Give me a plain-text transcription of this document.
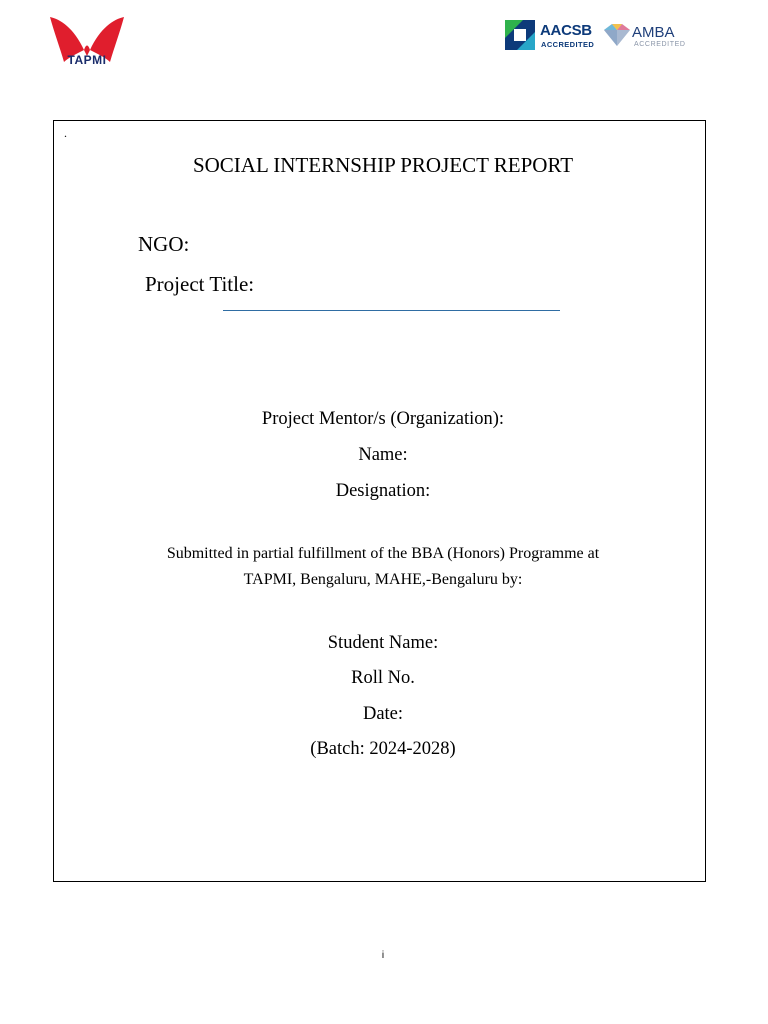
TAPMI
AACSB
ACCREDITED
AMBA
ACCREDITED
.
SOCIAL INTERNSHIP PROJECT REPORT
NGO:
Project Title:
Project Mentor/s (Organization):
Name:
Designation:
Submitted in partial fulfillment of the BBA (Honors) Programme at
TAPMI, Bengaluru, MAHE,-Bengaluru by:
Student Name:
Roll No.
Date:
(Batch: 2024-2028)
i
